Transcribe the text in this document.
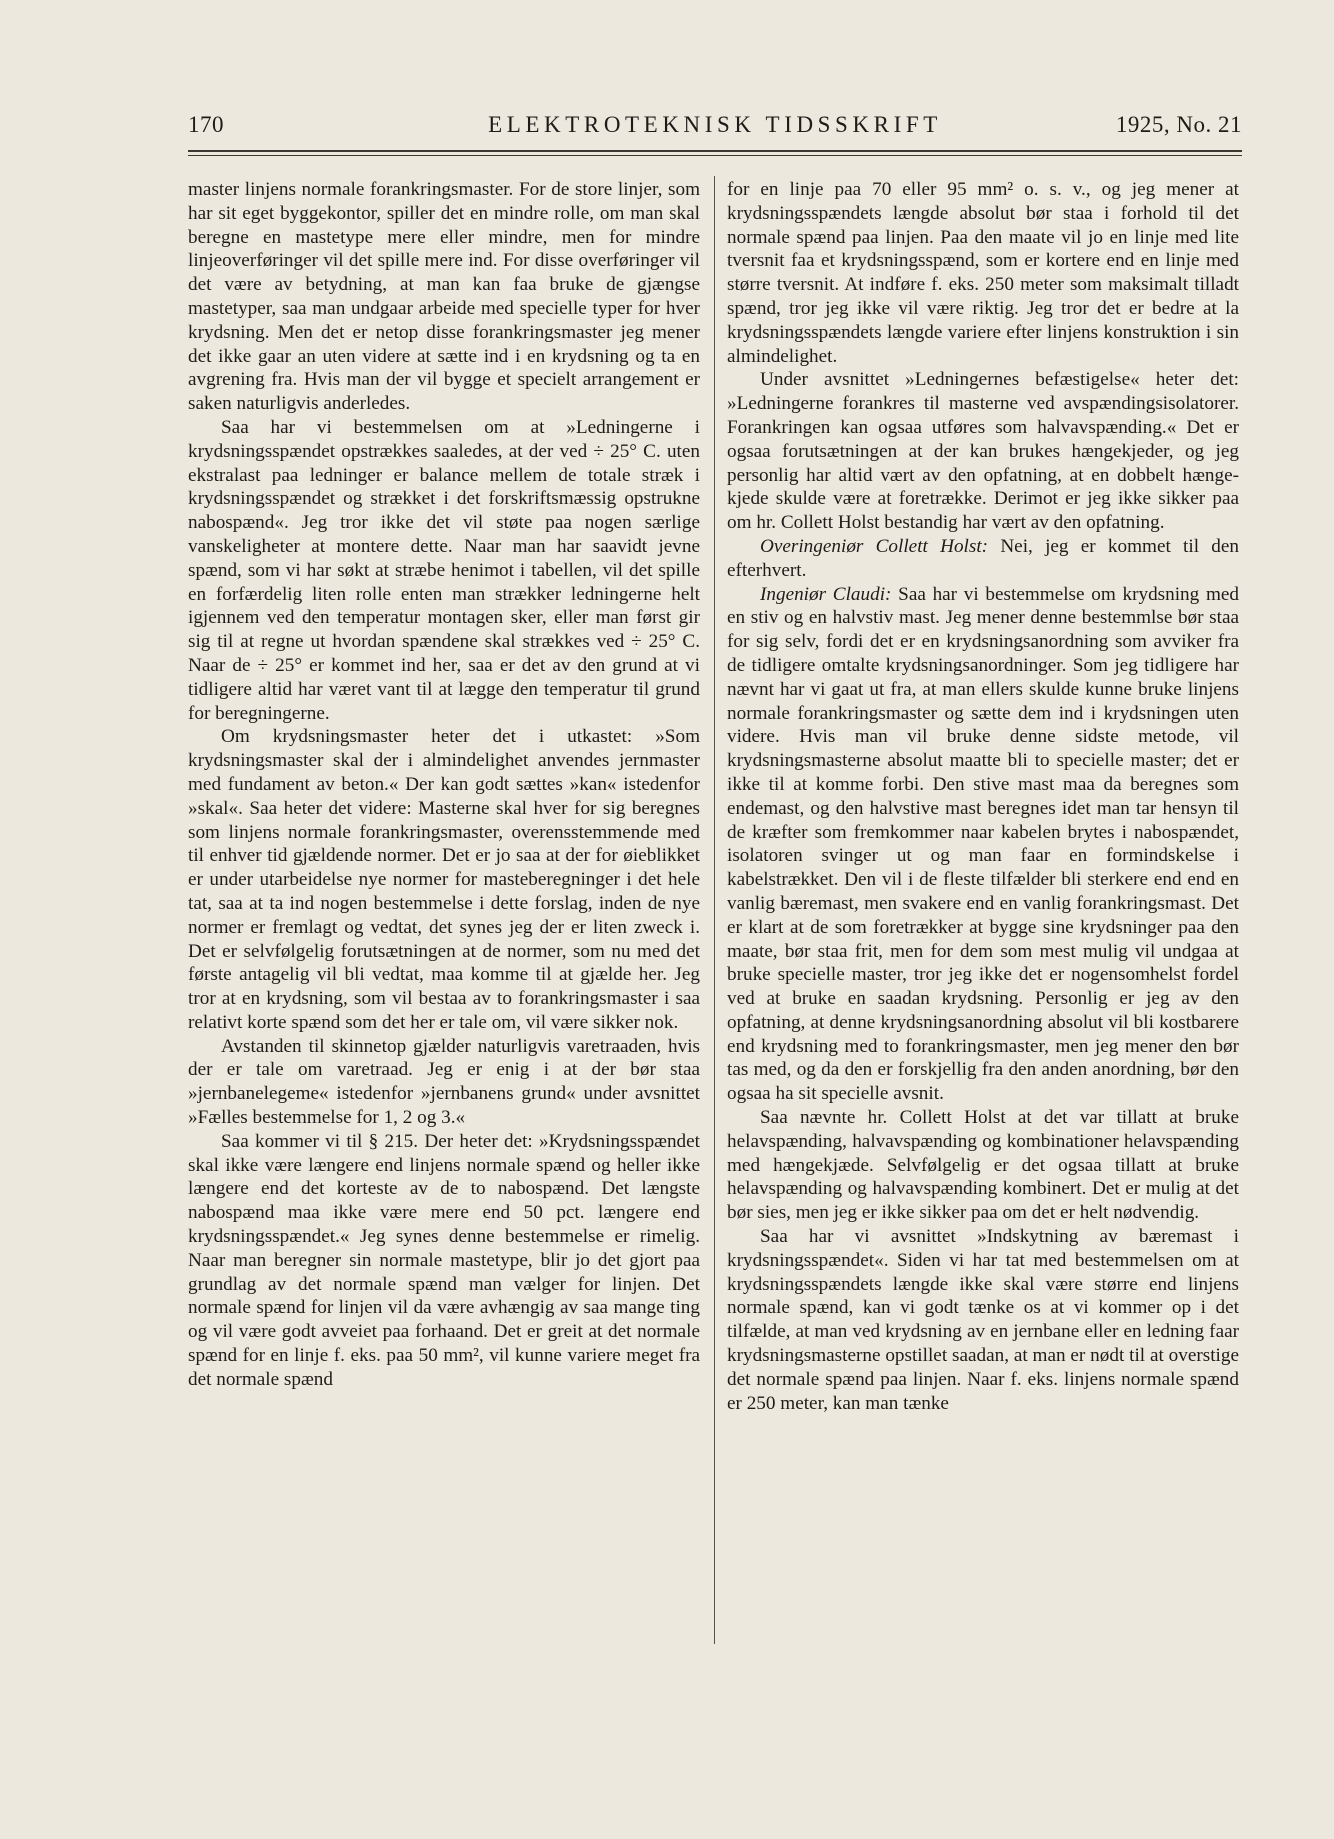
170	ELEKTROTEKNISK TIDSSKRIFT	1925, No. 21

master linjens normale forankringsmaster. For de store linjer, som har sit eget byggekontor, spiller det en mindre rolle, om man skal beregne en mastetype mere eller mindre, men for mindre linjeoverføringer vil det spille mere ind. For disse overføringer vil det være av betydning, at man kan faa bruke de gjængse mastetyper, saa man undgaar arbeide med specielle typer for hver krydsning. Men det er netop disse forankringsmaster jeg mener det ikke gaar an uten videre at sætte ind i en krydsning og ta en avgrening fra. Hvis man der vil bygge et specielt arrangement er saken naturligvis anderledes.

Saa har vi bestemmelsen om at »Ledningerne i krydsningsspændet opstrækkes saaledes, at der ved ÷ 25° C. uten ekstralast paa ledninger er balance mellem de totale stræk i krydsningsspændet og strækket i det forskriftsmæssig opstrukne nabospænd«. Jeg tror ikke det vil støte paa nogen særlige vanskeligheter at montere dette. Naar man har saavidt jevne spænd, som vi har søkt at stræbe henimot i tabellen, vil det spille en forfærdelig liten rolle enten man strækker ledningerne helt igjennem ved den temperatur montagen sker, eller man først gir sig til at regne ut hvordan spændene skal strækkes ved ÷ 25° C. Naar de ÷ 25° er kommet ind her, saa er det av den grund at vi tidligere altid har været vant til at lægge den temperatur til grund for beregningerne.

Om krydsningsmaster heter det i utkastet: »Som krydsningsmaster skal der i almindelighet anvendes jernmaster med fundament av beton.« Der kan godt sættes »kan« istedenfor »skal«. Saa heter det videre: Masterne skal hver for sig beregnes som linjens normale forankringsmaster, overensstemmende med til enhver tid gjældende normer. Det er jo saa at der for øieblikket er under utarbeidelse nye normer for masteberegninger i det hele tat, saa at ta ind nogen bestemmelse i dette forslag, inden de nye normer er fremlagt og vedtat, det synes jeg der er liten zweck i. Det er selvfølgelig forutsætningen at de normer, som nu med det første antagelig vil bli vedtat, maa komme til at gjælde her. Jeg tror at en krydsning, som vil bestaa av to forankringsmaster i saa relativt korte spænd som det her er tale om, vil være sikker nok.

Avstanden til skinnetop gjælder naturligvis varetraaden, hvis der er tale om varetraad. Jeg er enig i at der bør staa »jernbanelegeme« istedenfor »jernbanens grund« under avsnittet »Fælles bestemmelse for 1, 2 og 3.«

Saa kommer vi til § 215. Der heter det: »Krydsningsspændet skal ikke være længere end linjens normale spænd og heller ikke længere end det korteste av de to nabospænd. Det længste nabospænd maa ikke være mere end 50 pct. længere end krydsningsspændet.« Jeg synes denne bestemmelse er rimelig. Naar man beregner sin normale mastetype, blir jo det gjort paa grundlag av det normale spænd man vælger for linjen. Det normale spænd for linjen vil da være avhængig av saa mange ting og vil være godt avveiet paa forhaand. Det er greit at det normale spænd for en linje f. eks. paa 50 mm², vil kunne variere meget fra det normale spænd

for en linje paa 70 eller 95 mm² o. s. v., og jeg mener at krydsningsspændets længde absolut bør staa i forhold til det normale spænd paa linjen. Paa den maate vil jo en linje med lite tversnit faa et krydsningsspænd, som er kortere end en linje med større tversnit. At indføre f. eks. 250 meter som maksimalt tilladt spænd, tror jeg ikke vil være riktig. Jeg tror det er bedre at la krydsningsspændets længde variere efter linjens konstruktion i sin almindelighet.

Under avsnittet »Ledningernes befæstigelse« heter det: »Ledningerne forankres til masterne ved avspændingsisolatorer. Forankringen kan ogsaa utføres som halvavspænding.« Det er ogsaa forutsætningen at der kan brukes hængekjeder, og jeg personlig har altid vært av den opfatning, at en dobbelt hængekjede skulde være at foretrække. Derimot er jeg ikke sikker paa om hr. Collett Holst bestandig har vært av den opfatning.

Overingeniør Collett Holst: Nei, jeg er kommet til den efterhvert.

Ingeniør Claudi: Saa har vi bestemmelse om krydsning med en stiv og en halvstiv mast. Jeg mener denne bestemmlse bør staa for sig selv, fordi det er en krydsningsanordning som avviker fra de tidligere omtalte krydsningsanordninger. Som jeg tidligere har nævnt har vi gaat ut fra, at man ellers skulde kunne bruke linjens normale forankringsmaster og sætte dem ind i krydsningen uten videre. Hvis man vil bruke denne sidste metode, vil krydsningsmasterne absolut maatte bli to specielle master; det er ikke til at komme forbi. Den stive mast maa da beregnes som endemast, og den halvstive mast beregnes idet man tar hensyn til de kræfter som fremkommer naar kabelen brytes i nabospændet, isolatoren svinger ut og man faar en formindskelse i kabelstrækket. Den vil i de fleste tilfælder bli sterkere end end en vanlig bæremast, men svakere end en vanlig forankringsmast. Det er klart at de som foretrækker at bygge sine krydsninger paa den maate, bør staa frit, men for dem som mest mulig vil undgaa at bruke specielle master, tror jeg ikke det er nogensomhelst fordel ved at bruke en saadan krydsning. Personlig er jeg av den opfatning, at denne krydsningsanordning absolut vil bli kostbarere end krydsning med to forankringsmaster, men jeg mener den bør tas med, og da den er forskjellig fra den anden anordning, bør den ogsaa ha sit specielle avsnit.

Saa nævnte hr. Collett Holst at det var tillatt at bruke helavspænding, halvavspænding og kombinationer helavspænding med hængekjæde. Selvfølgelig er det ogsaa tillatt at bruke helavspænding og halvavspænding kombinert. Det er mulig at det bør sies, men jeg er ikke sikker paa om det er helt nødvendig.

Saa har vi avsnittet »Indskytning av bæremast i krydsningsspændet«. Siden vi har tat med bestemmelsen om at krydsningsspændets længde ikke skal være større end linjens normale spænd, kan vi godt tænke os at vi kommer op i det tilfælde, at man ved krydsning av en jernbane eller en ledning faar krydsningsmasterne opstillet saadan, at man er nødt til at overstige det normale spænd paa linjen. Naar f. eks. linjens normale spænd er 250 meter, kan man tænke
